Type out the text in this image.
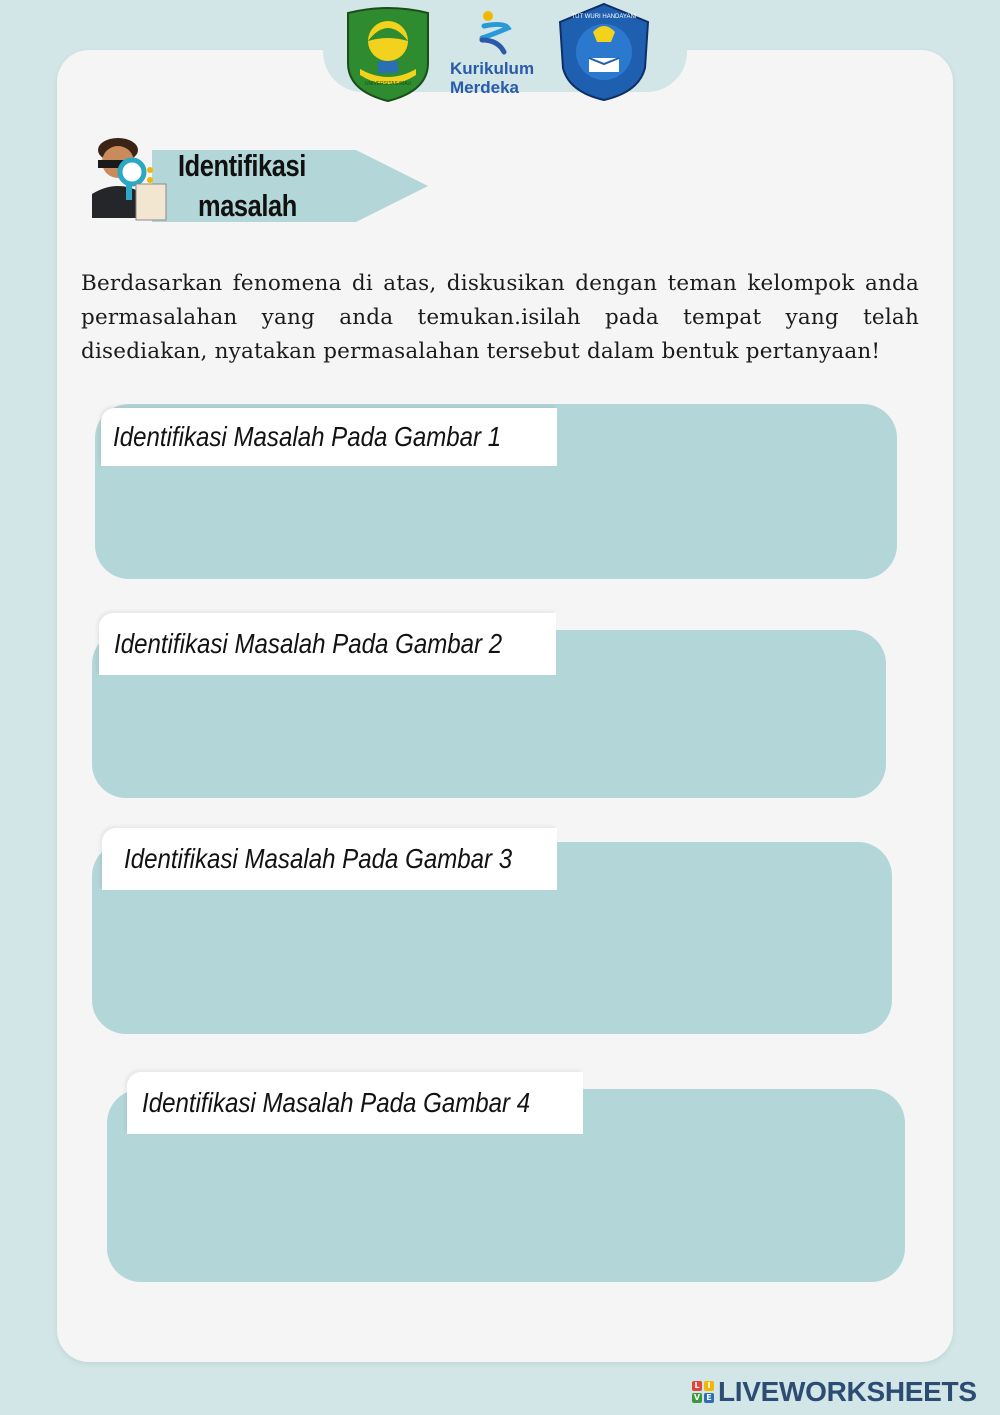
UNIVERSITAS RIAU
Kurikulum
Merdeka
TUT WURI HANDAYANI
Identifikasi
masalah

Berdasarkan fenomena di atas, diskusikan dengan teman kelompok anda permasalahan yang anda temukan.isilah pada tempat yang telah disediakan, nyatakan permasalahan tersebut dalam bentuk pertanyaan!

Identifikasi Masalah Pada Gambar 1
Identifikasi Masalah Pada Gambar 2
Identifikasi Masalah Pada Gambar 3
Identifikasi Masalah Pada Gambar 4
L I
V E LIVEWORKSHEETS
